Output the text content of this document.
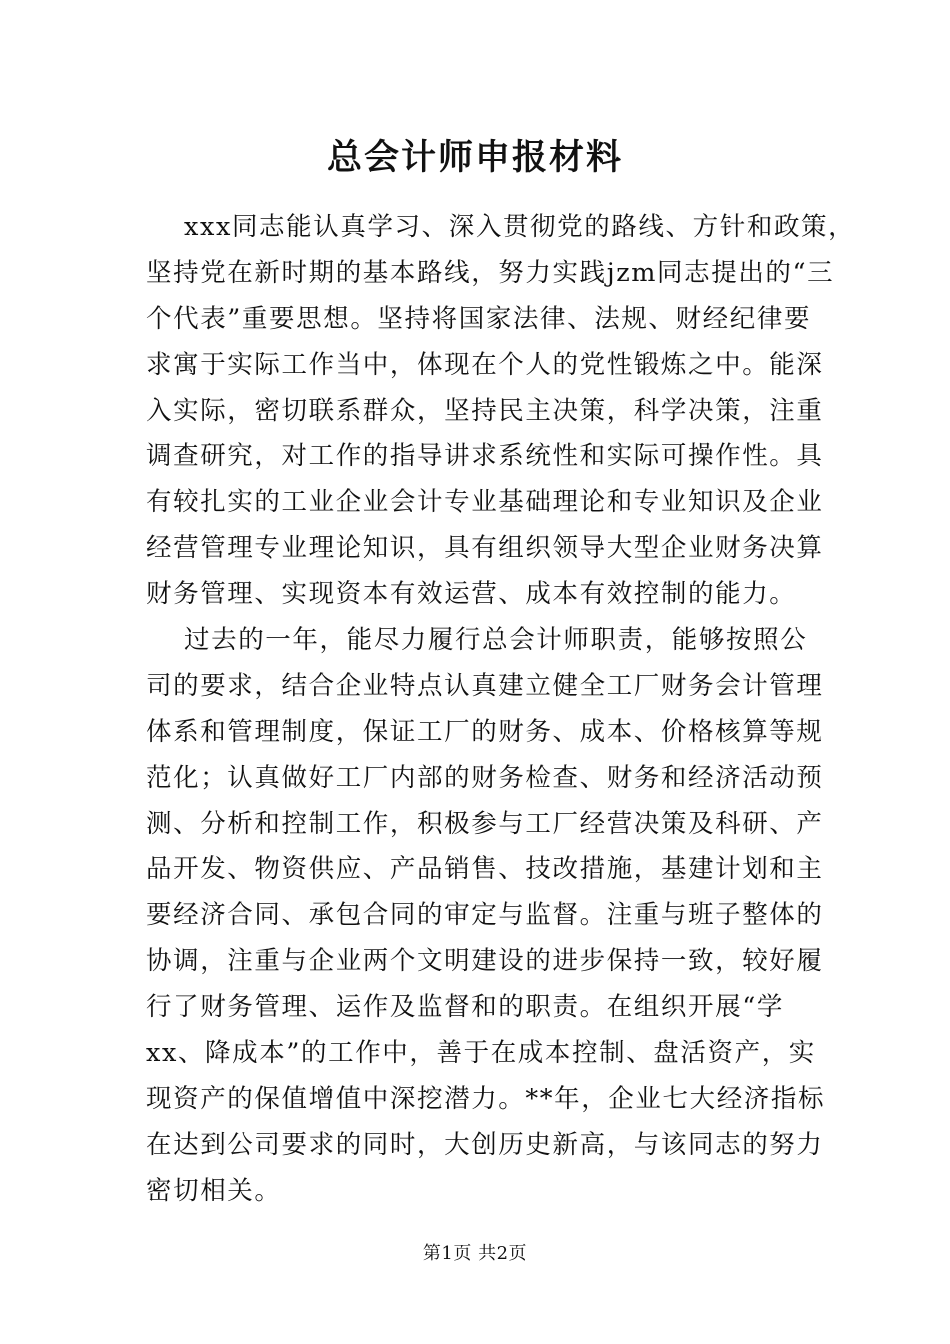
总会计师申报材料
xxx同志能认真学习、深入贯彻党的路线、方针和政策，
坚持党在新时期的基本路线，努力实践jzm同志提出的“三
个代表”重要思想。坚持将国家法律、法规、财经纪律要
求寓于实际工作当中，体现在个人的党性锻炼之中。能深
入实际，密切联系群众，坚持民主决策，科学决策，注重
调查研究，对工作的指导讲求系统性和实际可操作性。具
有较扎实的工业企业会计专业基础理论和专业知识及企业
经营管理专业理论知识，具有组织领导大型企业财务决算
财务管理、实现资本有效运营、成本有效控制的能力。
过去的一年，能尽力履行总会计师职责，能够按照公
司的要求，结合企业特点认真建立健全工厂财务会计管理
体系和管理制度，保证工厂的财务、成本、价格核算等规
范化；认真做好工厂内部的财务检查、财务和经济活动预
测、分析和控制工作，积极参与工厂经营决策及科研、产
品开发、物资供应、产品销售、技改措施，基建计划和主
要经济合同、承包合同的审定与监督。注重与班子整体的
协调，注重与企业两个文明建设的进步保持一致，较好履
行了财务管理、运作及监督和的职责。在组织开展“学
xx、降成本”的工作中，善于在成本控制、盘活资产，实
现资产的保值增值中深挖潜力。**年，企业七大经济指标
在达到公司要求的同时，大创历史新高，与该同志的努力
密切相关。
第1页 共2页
